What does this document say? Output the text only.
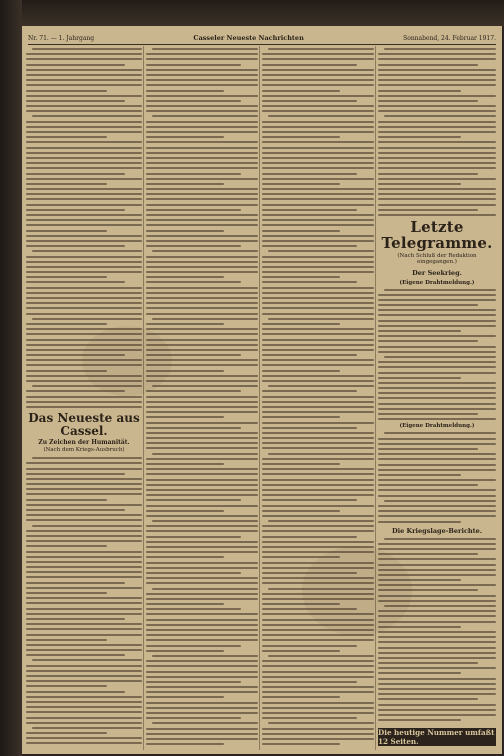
Nr. 71. — 1. Jahrgang	Casseler Neueste Nachrichten	Sonnabend, 24. Februar 1917.
Das Neueste aus Cassel.
Zu Zeichen der Humanität.
(Nach dem Kriegs-Ausbruch)
Letzte Telegramme.
(Nach Schluß der Redaktion eingegangen.)
Der Seekrieg.
(Eigene Drahtmeldung.)
(Eigene Drahtmeldung.)
Die Kriegslage-Berichte.
Die heutige Nummer umfaßt 12 Seiten.
